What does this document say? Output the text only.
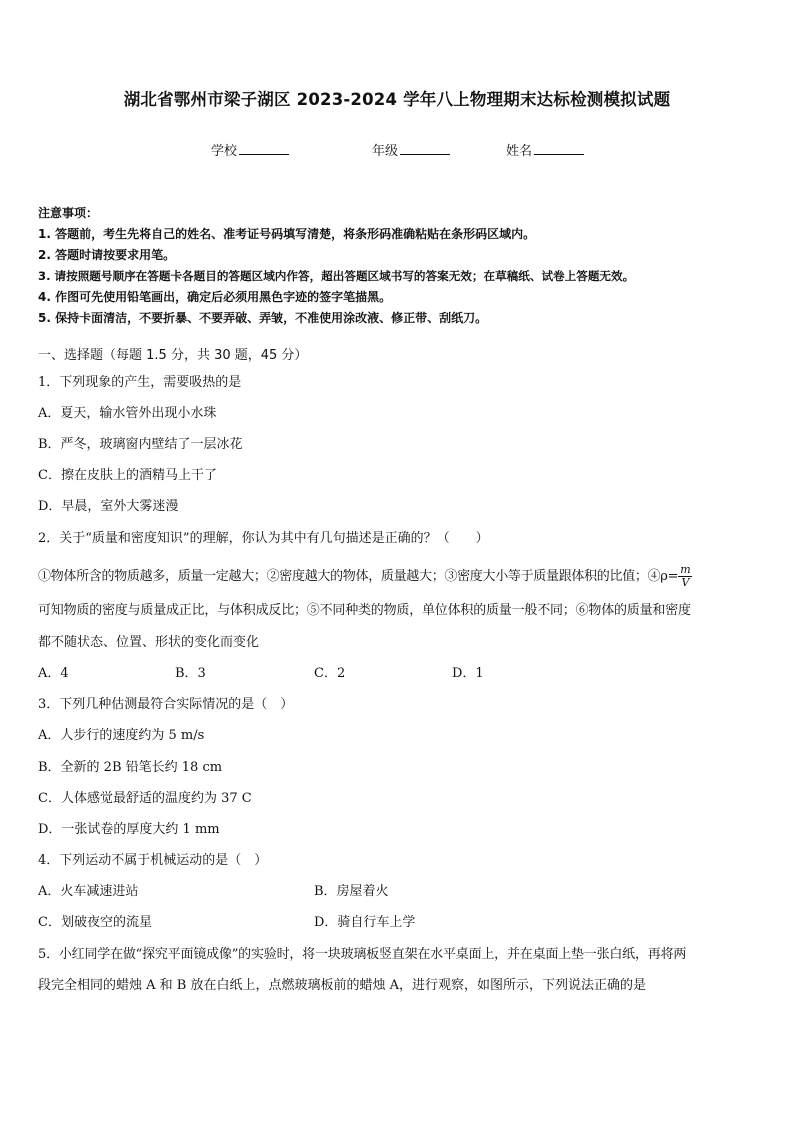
湖北省鄂州市梁子湖区 2023-2024 学年八上物理期末达标检测模拟试题
学校	年级	姓名
注意事项：
1. 答题前，考生先将自己的姓名、准考证号码填写清楚，将条形码准确粘贴在条形码区域内。
2. 答题时请按要求用笔。
3. 请按照题号顺序在答题卡各题目的答题区域内作答，超出答题区域书写的答案无效；在草稿纸、试卷上答题无效。
4. 作图可先使用铅笔画出，确定后必须用黑色字迹的签字笔描黑。
5. 保持卡面清洁，不要折暴、不要弄破、弄皱，不准使用涂改液、修正带、刮纸刀。
一、选择题（每题 1.5 分，共 30 题，45 分）
1．下列现象的产生，需要吸热的是
A．夏天，输水管外出现小水珠
B．严冬，玻璃窗内壁结了一层冰花
C．擦在皮肤上的酒精马上干了
D．早晨，室外大雾迷漫
2．关于“质量和密度知识”的理解，你认为其中有几句描述是正确的？（　　）
①物体所含的物质越多，质量一定越大；②密度越大的物体，质量越大；③密度大小等于质量跟体积的比值；④ρ= $\frac{m}{V}$
可知物质的密度与质量成正比，与体积成反比；⑤不同种类的物质，单位体积的质量一般不同；⑥物体的质量和密度
都不随状态、位置、形状的变化而变化
A．4	B．3	C．2	D．1
3．下列几种估测最符合实际情况的是（　）
A．人步行的速度约为 5 m/s
B．全新的 2B 铅笔长约 18 cm
C．人体感觉最舒适的温度约为 37 C
D．一张试卷的厚度大约 1 mm
4．下列运动不属于机械运动的是（　）
A．火车减速进站	B．房屋着火
C．划破夜空的流星	D．骑自行车上学
5．小红同学在做“探究平面镜成像”的实验时，将一块玻璃板竖直架在水平桌面上，并在桌面上垫一张白纸，再将两
段完全相同的蜡烛 A 和 B 放在白纸上，点燃玻璃板前的蜡烛 A，进行观察，如图所示，下列说法正确的是
